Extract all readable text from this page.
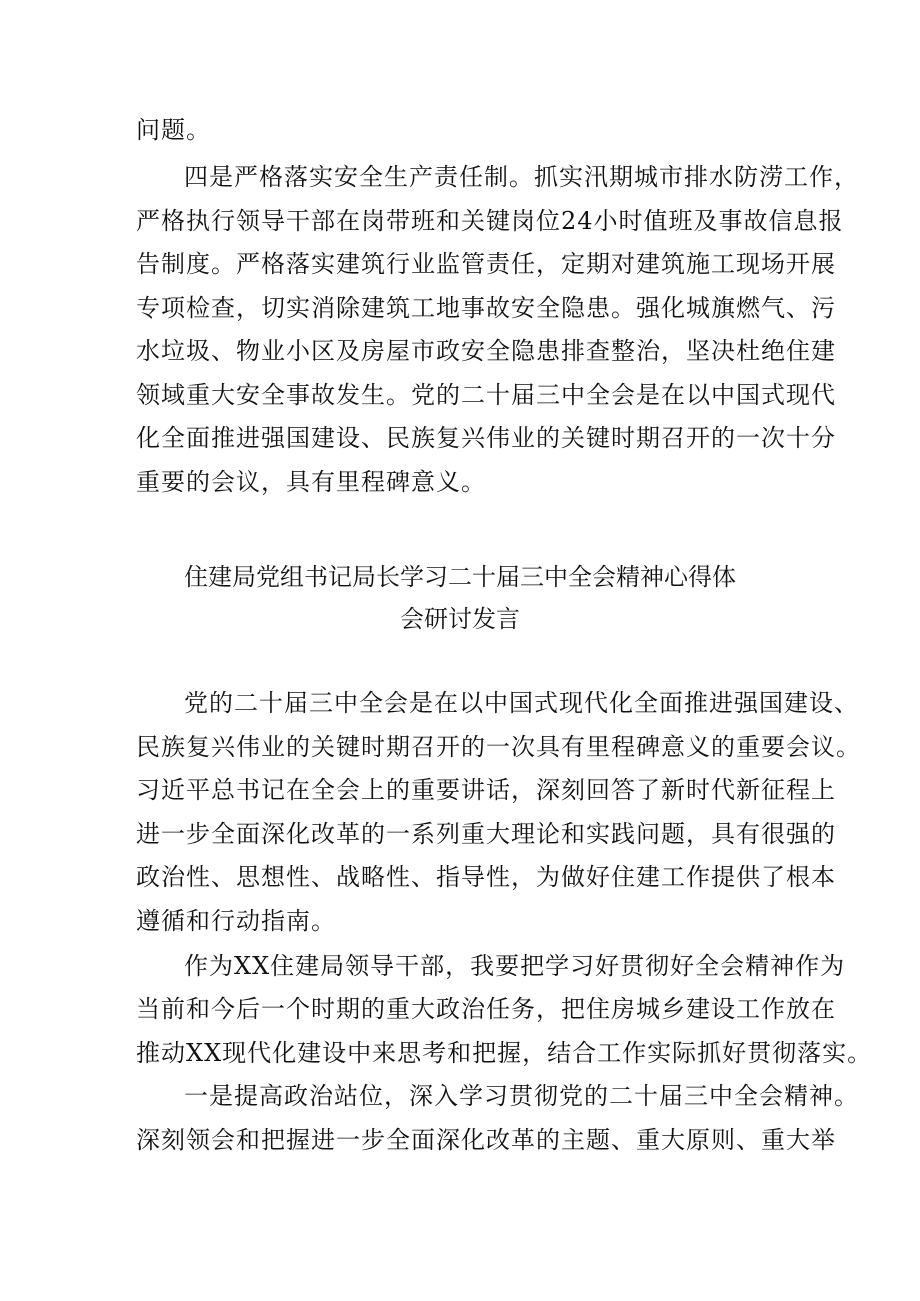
问题。
四是严格落实安全生产责任制。抓实汛期城市排水防涝工作，
严格执行领导干部在岗带班和关键岗位24小时值班及事故信息报
告制度。严格落实建筑行业监管责任，定期对建筑施工现场开展
专项检查，切实消除建筑工地事故安全隐患。强化城旗燃气、污
水垃圾、物业小区及房屋市政安全隐患排查整治，坚决杜绝住建
领域重大安全事故发生。党的二十届三中全会是在以中国式现代
化全面推进强国建设、民族复兴伟业的关键时期召开的一次十分
重要的会议，具有里程碑意义。
住建局党组书记局长学习二十届三中全会精神心得体
会研讨发言
党的二十届三中全会是在以中国式现代化全面推进强国建设、
民族复兴伟业的关键时期召开的一次具有里程碑意义的重要会议。
习近平总书记在全会上的重要讲话，深刻回答了新时代新征程上
进一步全面深化改革的一系列重大理论和实践问题，具有很强的
政治性、思想性、战略性、指导性，为做好住建工作提供了根本
遵循和行动指南。
作为XX住建局领导干部，我要把学习好贯彻好全会精神作为
当前和今后一个时期的重大政治任务，把住房城乡建设工作放在
推动XX现代化建设中来思考和把握，结合工作实际抓好贯彻落实。
一是提高政治站位，深入学习贯彻党的二十届三中全会精神。
深刻领会和把握进一步全面深化改革的主题、重大原则、重大举
